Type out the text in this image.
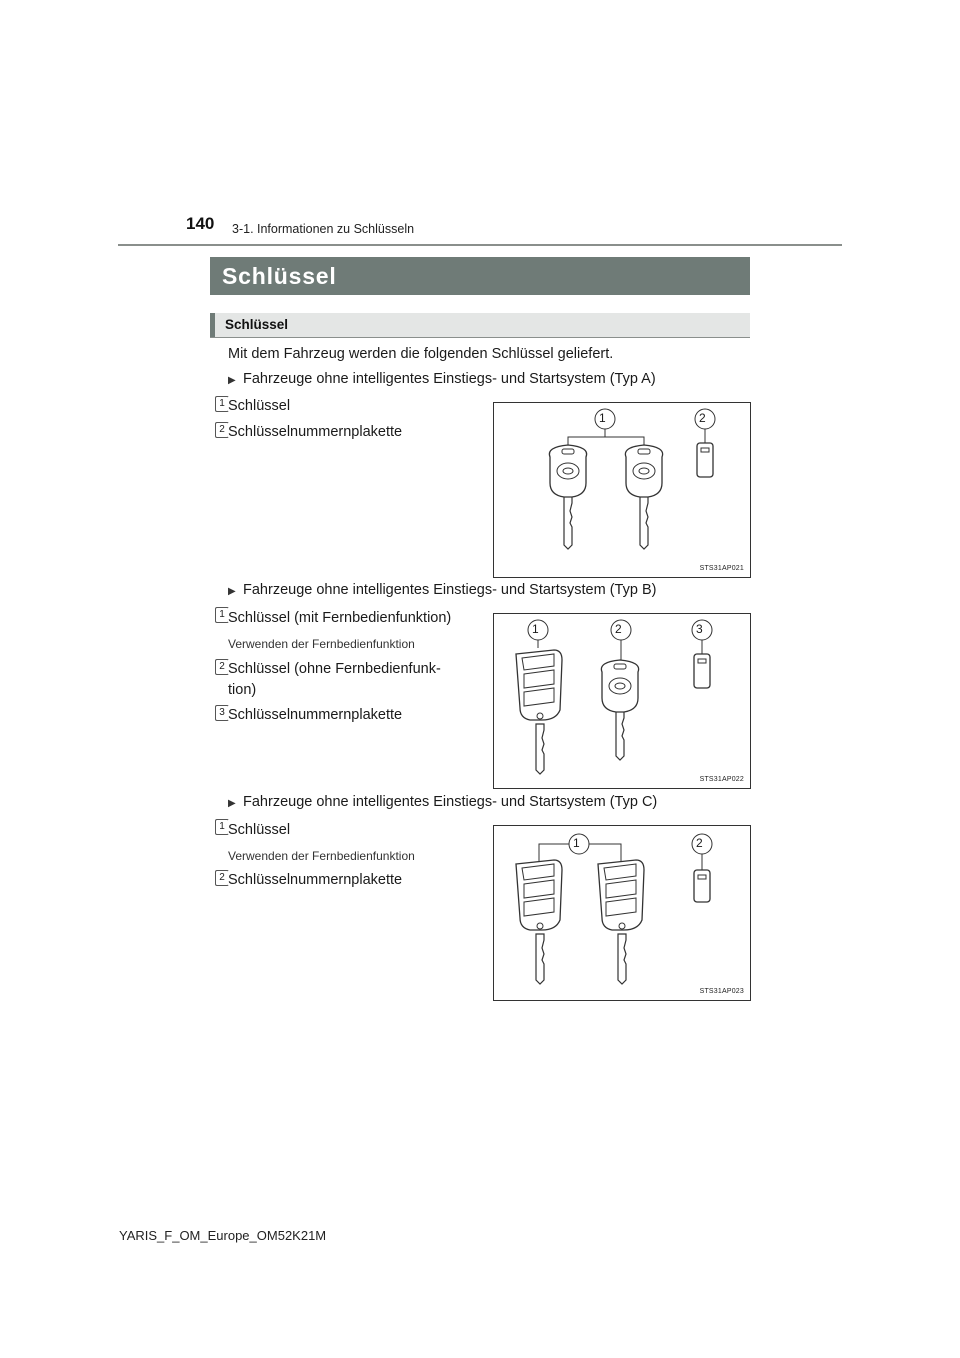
140 3-1. Informationen zu Schlüsseln
Schlüssel
Schlüssel
Mit dem Fahrzeug werden die folgenden Schlüssel geliefert.
▶ Fahrzeuge ohne intelligentes Einstiegs- und Startsystem (Typ A)
1 Schlüssel
2 Schlüsselnummernplakette
1	2
STS31AP021
▶ Fahrzeuge ohne intelligentes Einstiegs- und Startsystem (Typ B)
1 Schlüssel (mit Fernbedienfunktion)
Verwenden der Fernbedienfunktion
2 Schlüssel (ohne Fernbedienfunk-
tion)
3 Schlüsselnummernplakette
1	2	3
STS31AP022
▶ Fahrzeuge ohne intelligentes Einstiegs- und Startsystem (Typ C)
1 Schlüssel
Verwenden der Fernbedienfunktion
2 Schlüsselnummernplakette
1	2
STS31AP023
YARIS_F_OM_Europe_OM52K21M
